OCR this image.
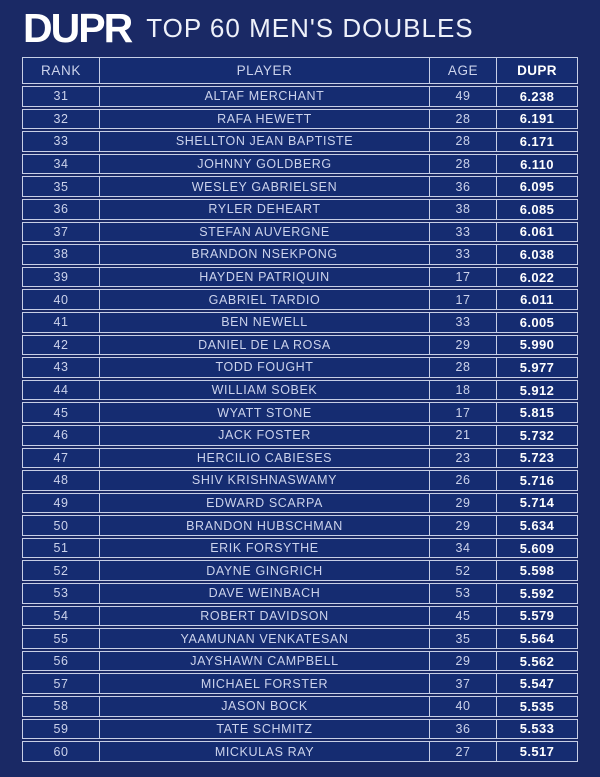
DUPR TOP 60 MEN'S DOUBLES
RANK	PLAYER	AGE	DUPR
31	ALTAF MERCHANT	49	6.238
32	RAFA HEWETT	28	6.191
33	SHELLTON JEAN BAPTISTE	28	6.171
34	JOHNNY GOLDBERG	28	6.110
35	WESLEY GABRIELSEN	36	6.095
36	RYLER DEHEART	38	6.085
37	STEFAN AUVERGNE	33	6.061
38	BRANDON NSEKPONG	33	6.038
39	HAYDEN PATRIQUIN	17	6.022
40	GABRIEL TARDIO	17	6.011
41	BEN NEWELL	33	6.005
42	DANIEL DE LA ROSA	29	5.990
43	TODD FOUGHT	28	5.977
44	WILLIAM SOBEK	18	5.912
45	WYATT STONE	17	5.815
46	JACK FOSTER	21	5.732
47	HERCILIO CABIESES	23	5.723
48	SHIV KRISHNASWAMY	26	5.716
49	EDWARD SCARPA	29	5.714
50	BRANDON HUBSCHMAN	29	5.634
51	ERIK FORSYTHE	34	5.609
52	DAYNE GINGRICH	52	5.598
53	DAVE WEINBACH	53	5.592
54	ROBERT DAVIDSON	45	5.579
55	YAAMUNAN VENKATESAN	35	5.564
56	JAYSHAWN CAMPBELL	29	5.562
57	MICHAEL FORSTER	37	5.547
58	JASON BOCK	40	5.535
59	TATE SCHMITZ	36	5.533
60	MICKULAS RAY	27	5.517
